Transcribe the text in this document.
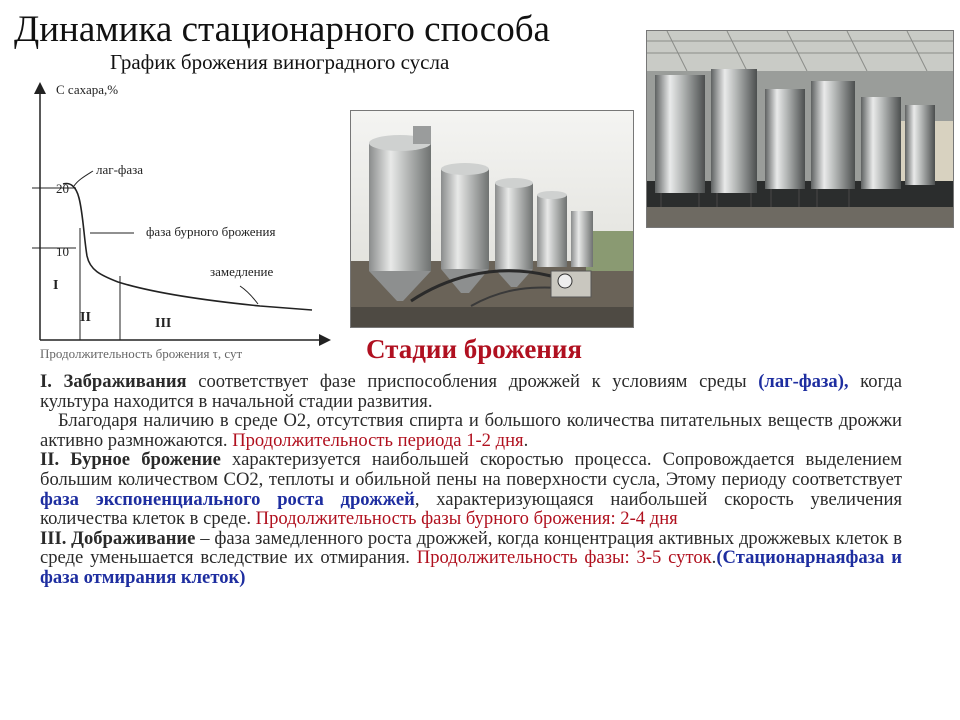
Динамика стационарного способа
График брожения виноградного сусла
С сахара,%
20
10
лаг-фаза
фаза бурного брожения
замедление
I
II	III
Продолжительность брожения τ, сут	Стадии брожения

I. Забраживания соответствует фазе приспособления дрожжей к условиям среды (лаг-фаза), когда культура находится в начальной стадии развития.

Благодаря наличию в среде О2, отсутствия спирта и большого количества питательных веществ дрожжи активно размножаются. Продолжительность периода 1-2 дня.

II. Бурное брожение характеризуется наибольшей скоростью процесса. Сопровождается выделением большим количеством СО2, теплоты и обильной пены на поверхности сусла, Этому периоду соответствует фаза экспоненциального роста дрожжей, характеризующаяся наибольшей скорость увеличения количества клеток в среде. Продолжительность фазы бурного брожения: 2-4 дня

III. Дображивание – фаза замедленного роста дрожжей, когда концентрация активных дрожжевых клеток в среде уменьшается вследствие их отмирания. Продолжительность фазы: 3-5 суток.(Стационарнаяфаза и фаза отмирания клеток)
